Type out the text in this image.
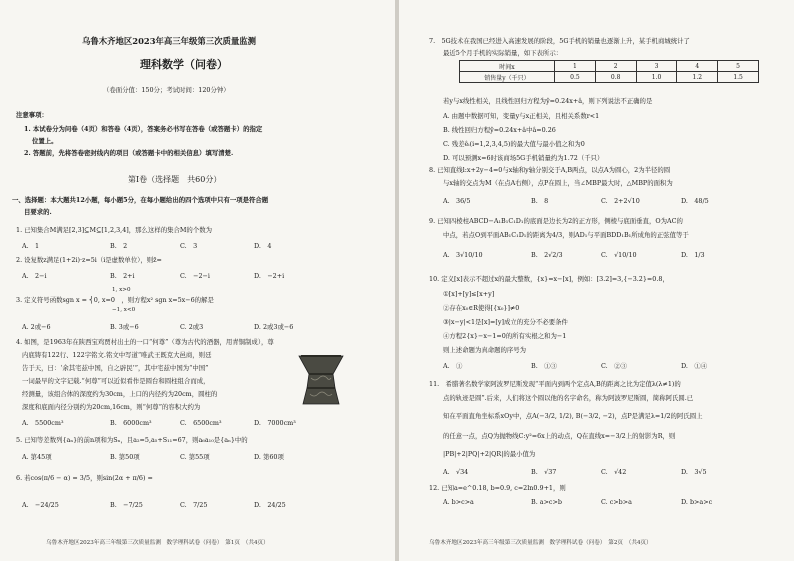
乌鲁木齐地区2023年高三年级第三次质量监测
理科数学（问卷）
（卷面分值：150分；考试时间：120分钟）
注意事项：
1. 本试卷分为问卷（4页）和答卷（4页），答案务必书写在答卷（或答题卡）的指定
位置上。
2. 答题前，先将答卷密封线内的项目（或答题卡中的相关信息）填写清楚.
第Ⅰ卷（选择题　共60分）
一、选择题：本大题共12小题，每小题5分，在每小题给出的四个选项中只有一项是符合题
目要求的.
1. 已知集合M满足[2,3]⊆M⊆[1,2,3,4]，那么这样的集合M的个数为
A.　1	B.　2	C.　3	D.　4
2. 设复数z满足(1+2i)·z=5i（i是虚数单位），则z̄=
A.　2−i	B.　2+i	C.　−2−i	D.　−2+i
1, x>0
3. 定义符号函数sgn x = ⎨0, x=0　，则方程x² sgn x=5x−6的解是
−1, x<0
A. 2或−6	B. 3或−6	C. 2或3	D. 2或3或−6
4. 如图，是1963年在陕西宝鸡贾村出土的一口“何尊”（尊为古代的酒器，用青铜制成），尊
内底铸有122行、122字铭文.铭文中写道“唯武王既克大邑商，则廷
告于天，曰：‘余其宅兹中国，自之辟民’”，其中宅兹中国为“中国”
一词最早的文字记载.“何尊”可以近似看作是圆台和圆柱组合而成，
经测量，该组合体的深度约为30cm，上口的内径约为20cm，圆柱的
深度和底面内径分别约为20cm,16cm，则“何尊”的容积大约为
A.　5500cm³	B.　6000cm³	C.　6500cm³	D.　7000cm³
5. 已知等差数列{aₙ}的前n项和为Sₙ，且a₂=5,a₅+S₁₁=67，则a₆a₁₀是{aₙ}中的
A. 第45项	B. 第50项	C. 第55项	D. 第60项
6. 若cos(π/6 − α) = 3/5，则sin(2α + π/6) =
A.　−24/25	B.　−7/25	C.　7/25	D.　24/25
乌鲁木齐地区2023年高三年级第三次质量监测　数学理科试卷（问卷）　第1页　（共4页）
7.　5G技术在我国已经进入高速发展的阶段，5G手机的销量也逐渐上升，某手机商城统计了
最近5个月手机的实际销量，如下表所示：
时间x	1	2	3	4	5
销售量y（千只）	0.5	0.8	1.0	1.2	1.5
若y与x线性相关，且线性回归方程为ŷ=0.24x+â，则下列说法不正确的是
A. 由题中数据可知，变量y与x正相关，且相关系数r<1
B. 线性回归方程ŷ=0.24x+â中â=0.26
C. 残差êᵢ(i=1,2,3,4,5)的最大值与最小值之和为0
D. 可以预测x=6时该商场5G手机销量约为1.72（千只）
8. 已知直线l:x+2y−4=0与x轴和y轴分别交于A,B两点，以点A为圆心，2为半径的圆
与x轴的交点为M（在点A右侧），点P在圆上，当∠MBP最大时，△MBP的面积为
A.　36/5	B.　8	C.　2+2√10	D.　48/5
9. 已知四棱柱ABCD−A₁B₁C₁D₁的底面是边长为2的正方形，侧棱与底面垂直，O为AC的
中点，若点O到平面AB₁C₁D₁的距离为4/3，则AD₁与平面BDD₁B₁所成角的正弦值等于
A.　3√10/10	B.　2√2/3	C.　√10/10	D.　1/3
10. 定义[x]表示不超过x的最大整数，{x}=x−[x]，例如：[3.2]=3,{−3.2}=0.8，
①[x]+[y]≤[x+y]
②存在x₀∈R使得[{x₀}]≠0
③|x−y|<1是[x]=[y]成立的充分不必要条件
④方程2{x}−x−1=0的所有实根之和为−1
则上述命题为真命题的序号为
A.　①	B.　①③	C.　②③	D.　①④
11.　希腊著名数学家阿波罗尼斯发现“平面内到两个定点A,B的距离之比为定值λ(λ≠1)的
点的轨迹是圆”.后来，人们将这个圆以他的名字命名，称为阿波罗尼斯圆，简称阿氏圆.已
知在平面直角坐标系xOy中，点A(−3/2, 1/2), B(−3/2, −2)，点P是满足λ=1/2的阿氏圆上
的任意一点，点Q为抛物线C:y²=6x上的动点，Q在直线x=−3/2上的射影为R，则
|PB|+2|PQ|+2|QR|的最小值为
A.　√34	B.　√37	C.　√42	D.　3√5
12. 已知a=e^0.18, b=0.9, c=2ln0.9+1，则
A. b>c>a	B. a>c>b	C. c>b>a	D. b>a>c
乌鲁木齐地区2023年高三年级第三次质量监测　数学理科试卷（问卷）　第2页　（共4页）
